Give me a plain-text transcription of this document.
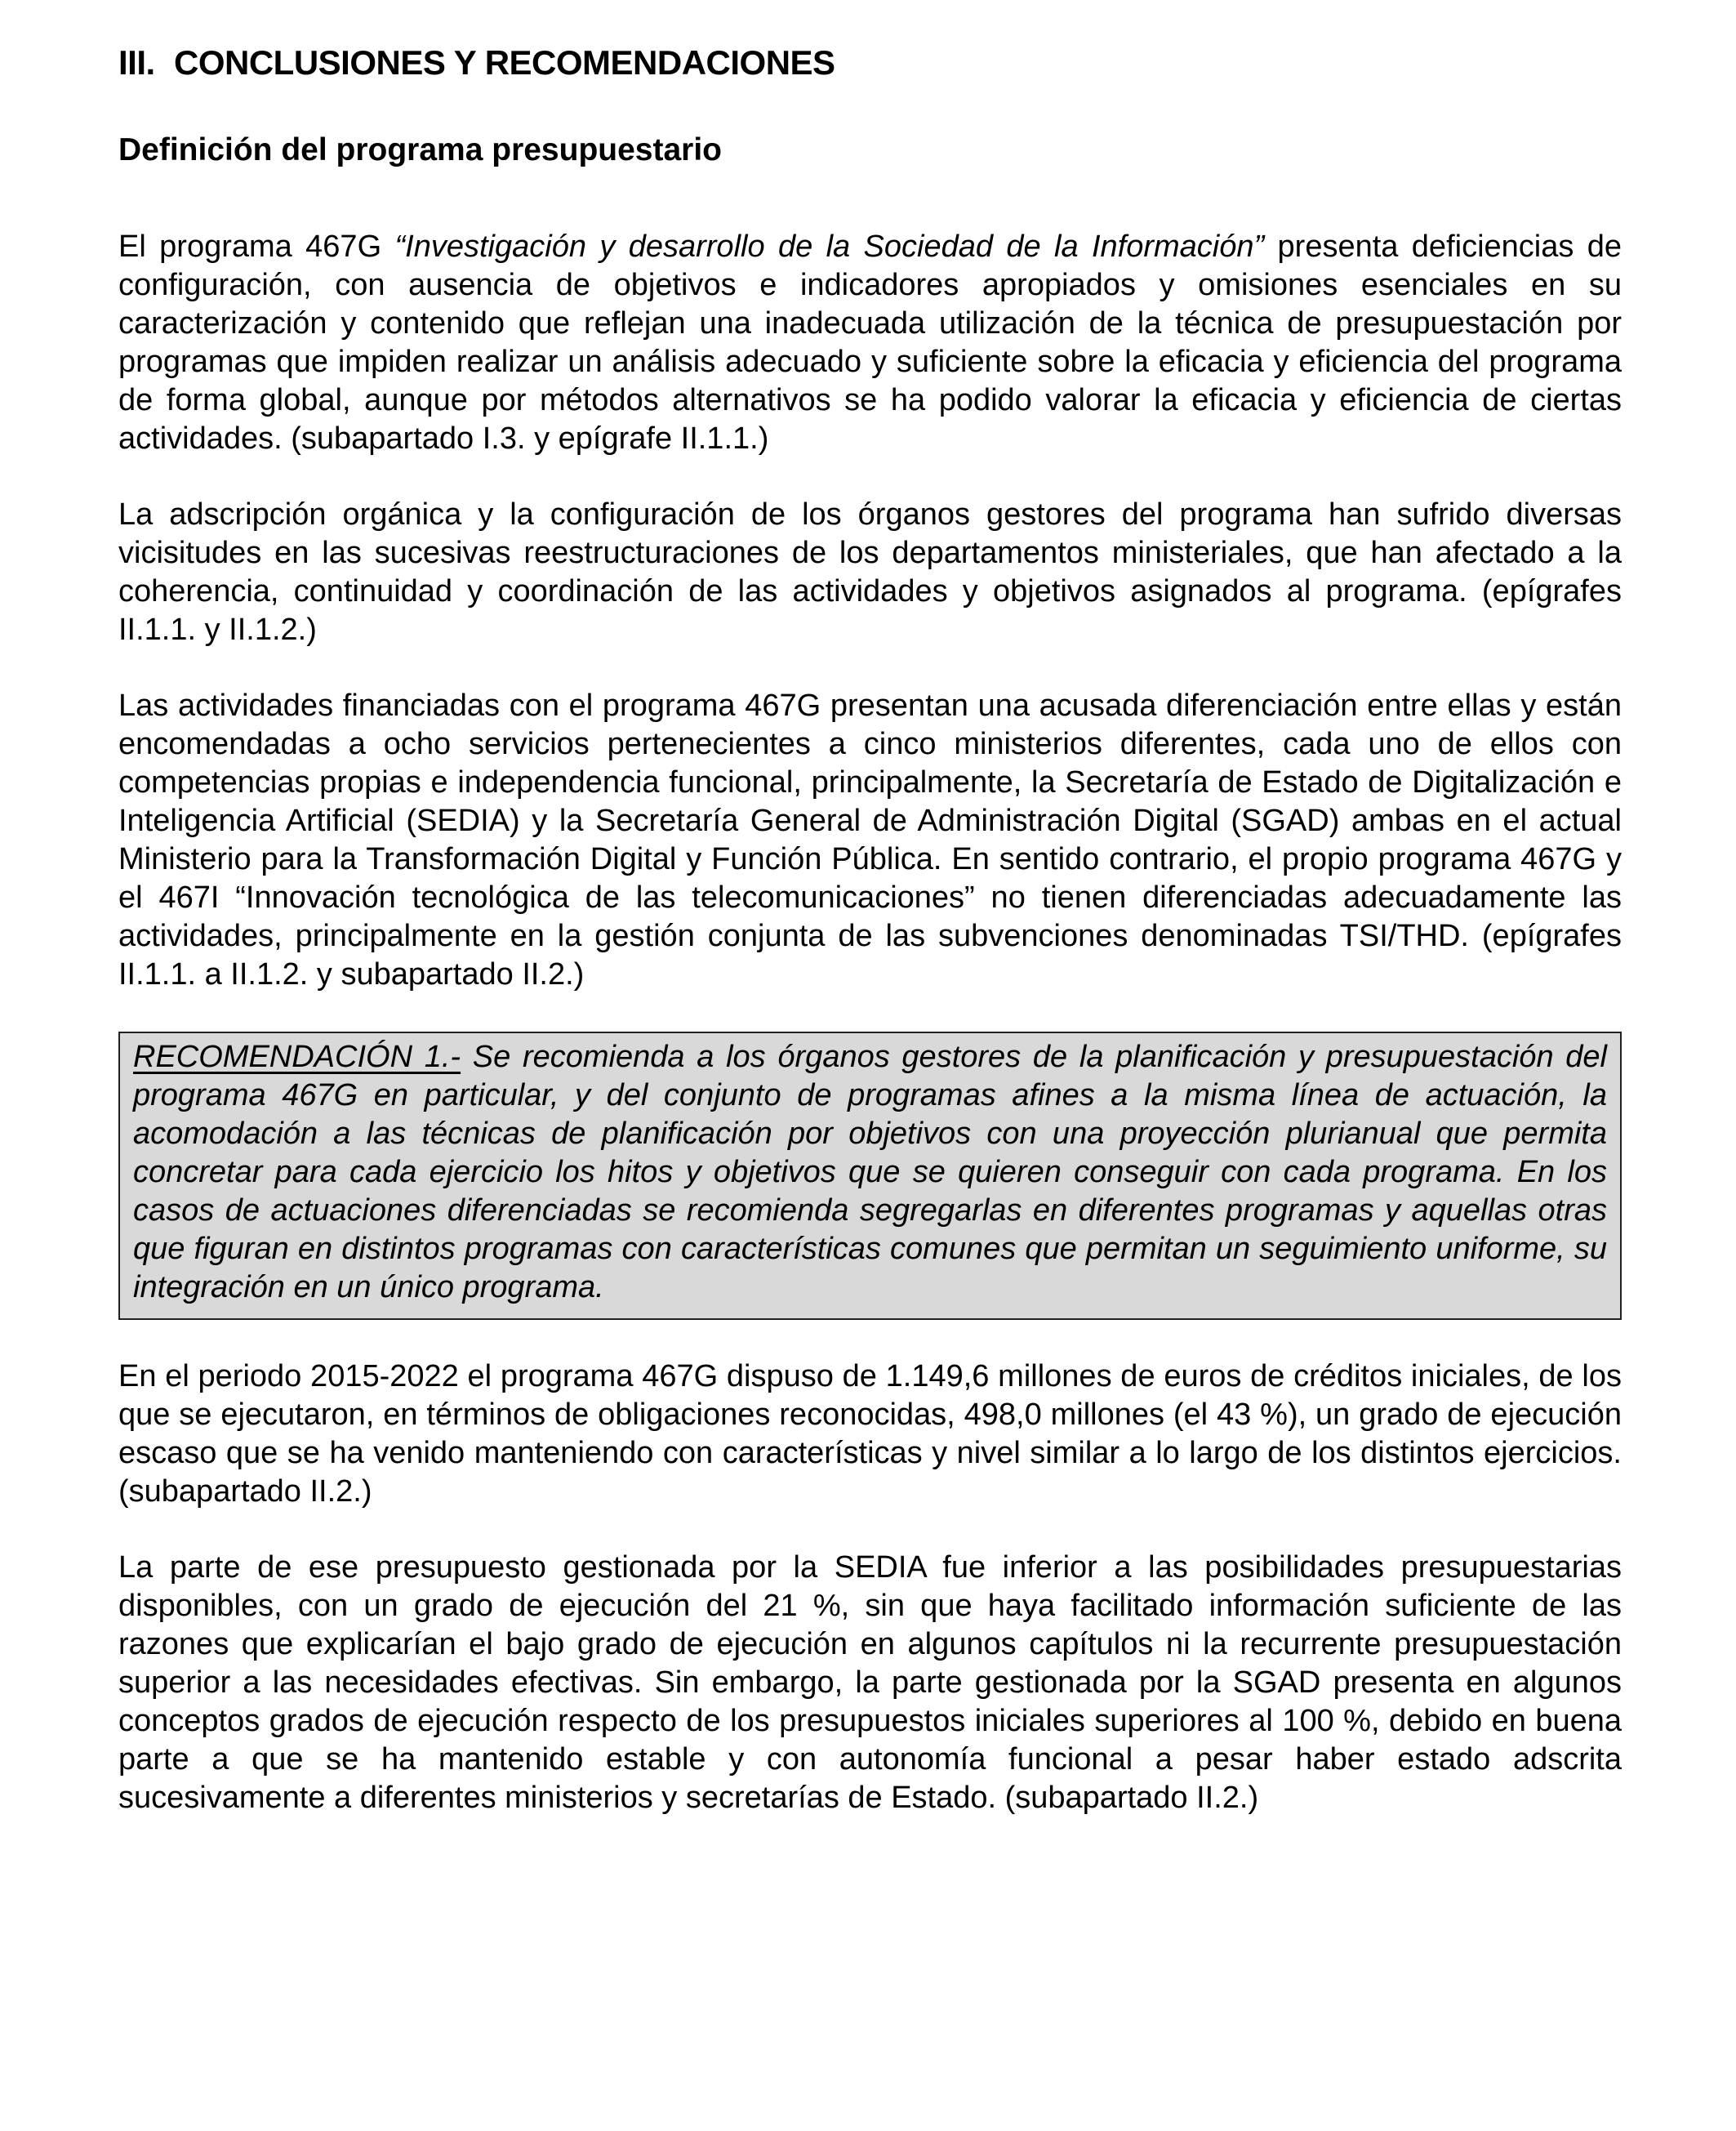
III. CONCLUSIONES Y RECOMENDACIONES
Definición del programa presupuestario

El programa 467G “Investigación y desarrollo de la Sociedad de la Información” presenta deficiencias de configuración, con ausencia de objetivos e indicadores apropiados y omisiones esenciales en su caracterización y contenido que reflejan una inadecuada utilización de la técnica de presupuestación por programas que impiden realizar un análisis adecuado y suficiente sobre la eficacia y eficiencia del programa de forma global, aunque por métodos alternativos se ha podido valorar la eficacia y eficiencia de ciertas actividades. (subapartado I.3. y epígrafe II.1.1.)

La adscripción orgánica y la configuración de los órganos gestores del programa han sufrido diversas vicisitudes en las sucesivas reestructuraciones de los departamentos ministeriales, que han afectado a la coherencia, continuidad y coordinación de las actividades y objetivos asignados al programa. (epígrafes II.1.1. y II.1.2.)

Las actividades financiadas con el programa 467G presentan una acusada diferenciación entre ellas y están encomendadas a ocho servicios pertenecientes a cinco ministerios diferentes, cada uno de ellos con competencias propias e independencia funcional, principalmente, la Secretaría de Estado de Digitalización e Inteligencia Artificial (SEDIA) y la Secretaría General de Administración Digital (SGAD) ambas en el actual Ministerio para la Transformación Digital y Función Pública. En sentido contrario, el propio programa 467G y el 467I “Innovación tecnológica de las telecomunicaciones” no tienen diferenciadas adecuadamente las actividades, principalmente en la gestión conjunta de las subvenciones denominadas TSI/THD. (epígrafes II.1.1. a II.1.2. y subapartado II.2.)

RECOMENDACIÓN 1.- Se recomienda a los órganos gestores de la planificación y presupuestación del programa 467G en particular, y del conjunto de programas afines a la misma línea de actuación, la acomodación a las técnicas de planificación por objetivos con una proyección plurianual que permita concretar para cada ejercicio los hitos y objetivos que se quieren conseguir con cada programa. En los casos de actuaciones diferenciadas se recomienda segregarlas en diferentes programas y aquellas otras que figuran en distintos programas con características comunes que permitan un seguimiento uniforme, su integración en un único programa.

En el periodo 2015-2022 el programa 467G dispuso de 1.149,6 millones de euros de créditos iniciales, de los que se ejecutaron, en términos de obligaciones reconocidas, 498,0 millones (el 43 %), un grado de ejecución escaso que se ha venido manteniendo con características y nivel similar a lo largo de los distintos ejercicios. (subapartado II.2.)

La parte de ese presupuesto gestionada por la SEDIA fue inferior a las posibilidades presupuestarias disponibles, con un grado de ejecución del 21 %, sin que haya facilitado información suficiente de las razones que explicarían el bajo grado de ejecución en algunos capítulos ni la recurrente presupuestación superior a las necesidades efectivas. Sin embargo, la parte gestionada por la SGAD presenta en algunos conceptos grados de ejecución respecto de los presupuestos iniciales superiores al 100 %, debido en buena parte a que se ha mantenido estable y con autonomía funcional a pesar haber estado adscrita sucesivamente a diferentes ministerios y secretarías de Estado. (subapartado II.2.)
